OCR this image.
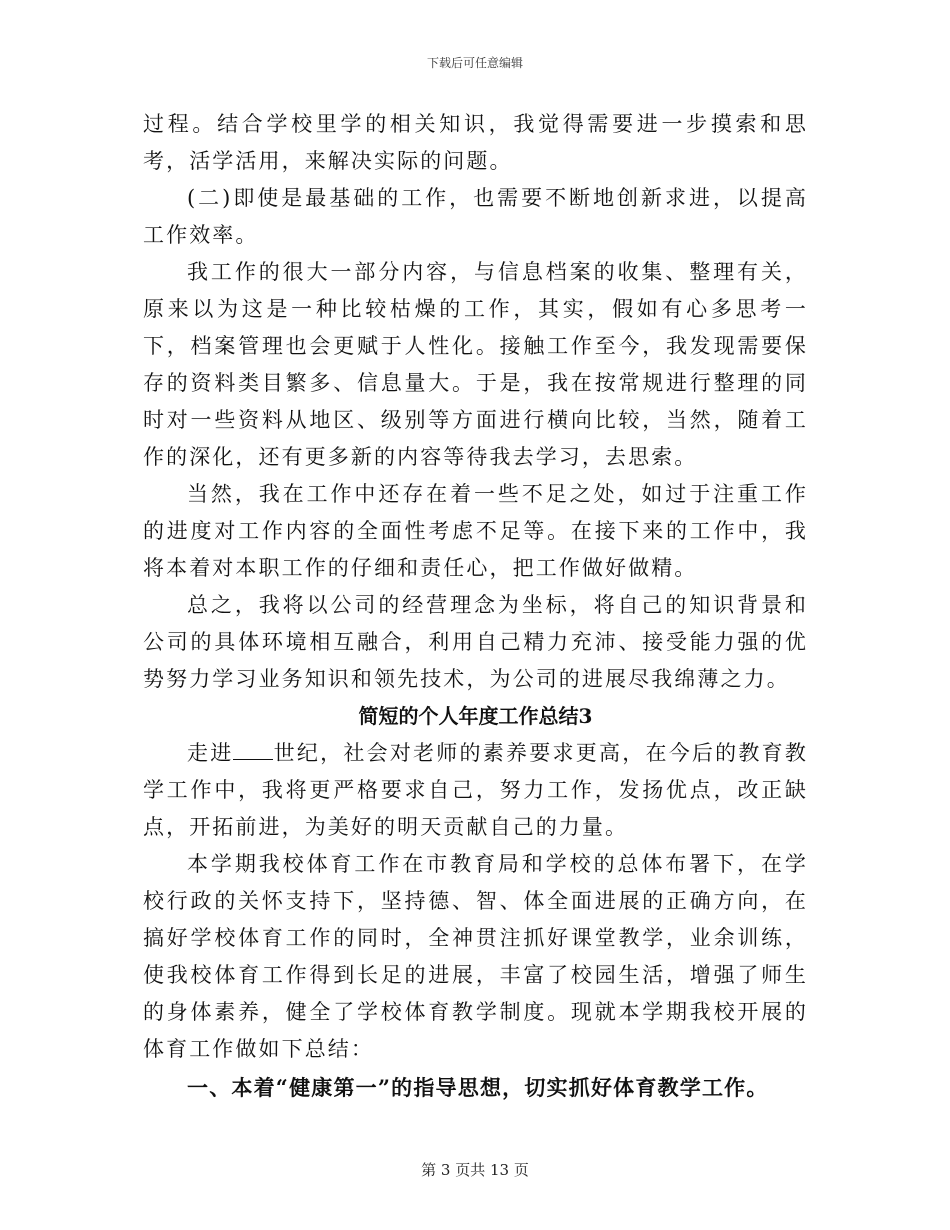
下载后可任意编辑

过程。结合学校里学的相关知识，我觉得需要进一步摸索和思考，活学活用，来解决实际的问题。

(二)即使是最基础的工作，也需要不断地创新求进，以提高工作效率。

我工作的很大一部分内容，与信息档案的收集、整理有关，原来以为这是一种比较枯燥的工作，其实，假如有心多思考一下，档案管理也会更赋于人性化。接触工作至今，我发现需要保存的资料类目繁多、信息量大。于是，我在按常规进行整理的同时对一些资料从地区、级别等方面进行横向比较，当然，随着工作的深化，还有更多新的内容等待我去学习，去思索。

当然，我在工作中还存在着一些不足之处，如过于注重工作的进度对工作内容的全面性考虑不足等。在接下来的工作中，我将本着对本职工作的仔细和责任心，把工作做好做精。

总之，我将以公司的经营理念为坐标，将自己的知识背景和公司的具体环境相互融合，利用自己精力充沛、接受能力强的优势努力学习业务知识和领先技术，为公司的进展尽我绵薄之力。

简短的个人年度工作总结3

走进 世纪，社会对老师的素养要求更高，在今后的教育教学工作中，我将更严格要求自己，努力工作，发扬优点，改正缺点，开拓前进，为美好的明天贡献自己的力量。

本学期我校体育工作在市教育局和学校的总体布署下，在学校行政的关怀支持下，坚持德、智、体全面进展的正确方向，在搞好学校体育工作的同时，全神贯注抓好课堂教学，业余训练，使我校体育工作得到长足的进展，丰富了校园生活，增强了师生的身体素养，健全了学校体育教学制度。现就本学期我校开展的体育工作做如下总结：

一、本着“健康第一”的指导思想，切实抓好体育教学工作。

第 3 页共 13 页
